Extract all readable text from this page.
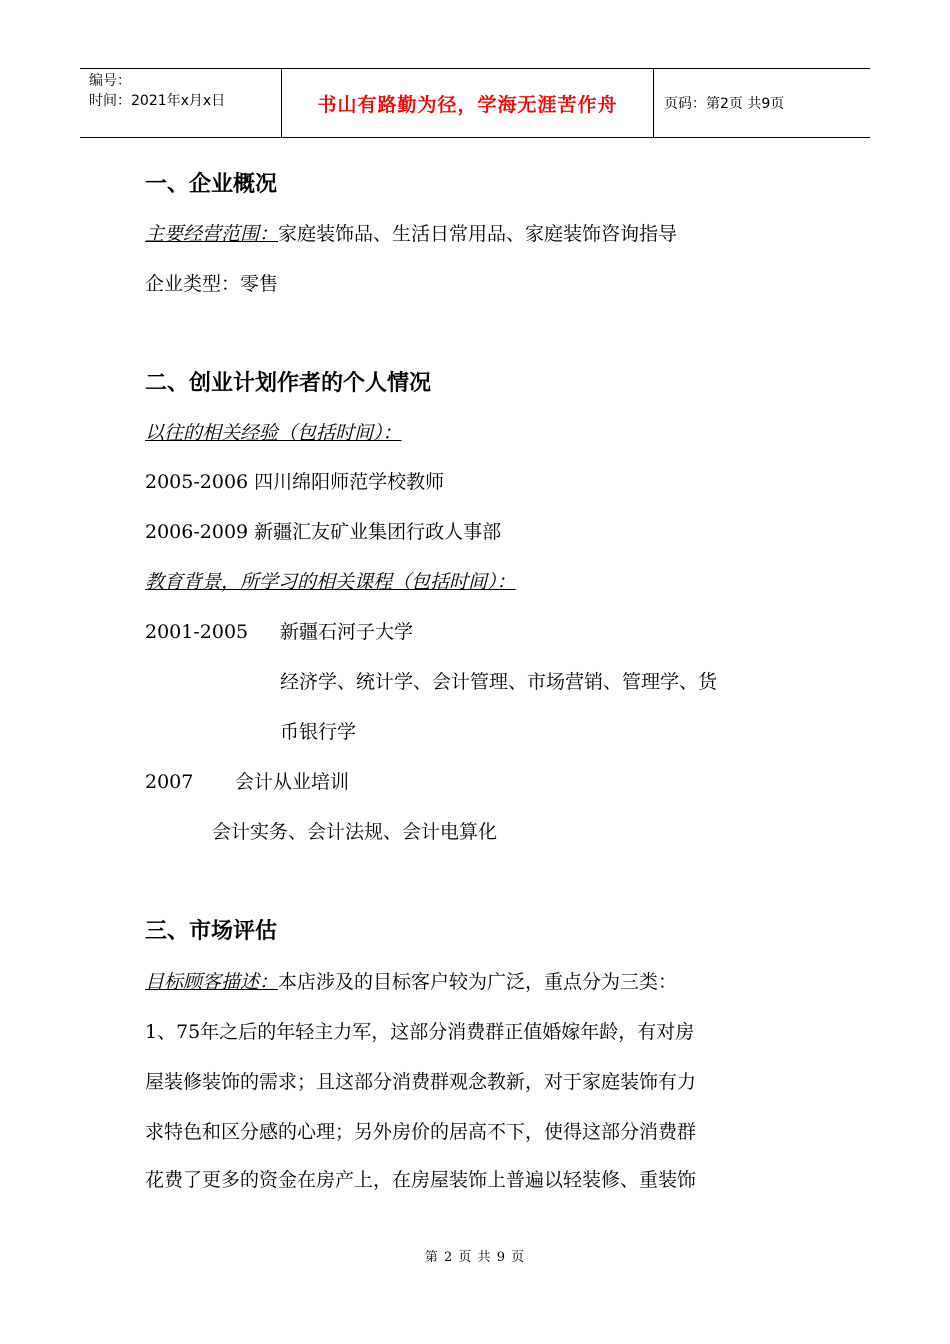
编号：
时间：2021年x月x日	书山有路勤为径，学海无涯苦作舟	页码：第2页 共9页
一、企业概况
主要经营范围：家庭装饰品、生活日常用品、家庭装饰咨询指导
企业类型：零售
二、创业计划作者的个人情况
以往的相关经验（包括时间）：
2005-2006 四川绵阳师范学校教师
2006-2009 新疆汇友矿业集团行政人事部
教育背景，所学习的相关课程（包括时间）：
2001-2005 新疆石河子大学
经济学、统计学、会计管理、市场营销、管理学、货
币银行学
2007 会计从业培训
会计实务、会计法规、会计电算化
三、市场评估
目标顾客描述：本店涉及的目标客户较为广泛，重点分为三类：
1、75年之后的年轻主力军，这部分消费群正值婚嫁年龄，有对房
屋装修装饰的需求；且这部分消费群观念教新，对于家庭装饰有力
求特色和区分感的心理；另外房价的居高不下，使得这部分消费群
花费了更多的资金在房产上，在房屋装饰上普遍以轻装修、重装饰
第 2 页 共 9 页
